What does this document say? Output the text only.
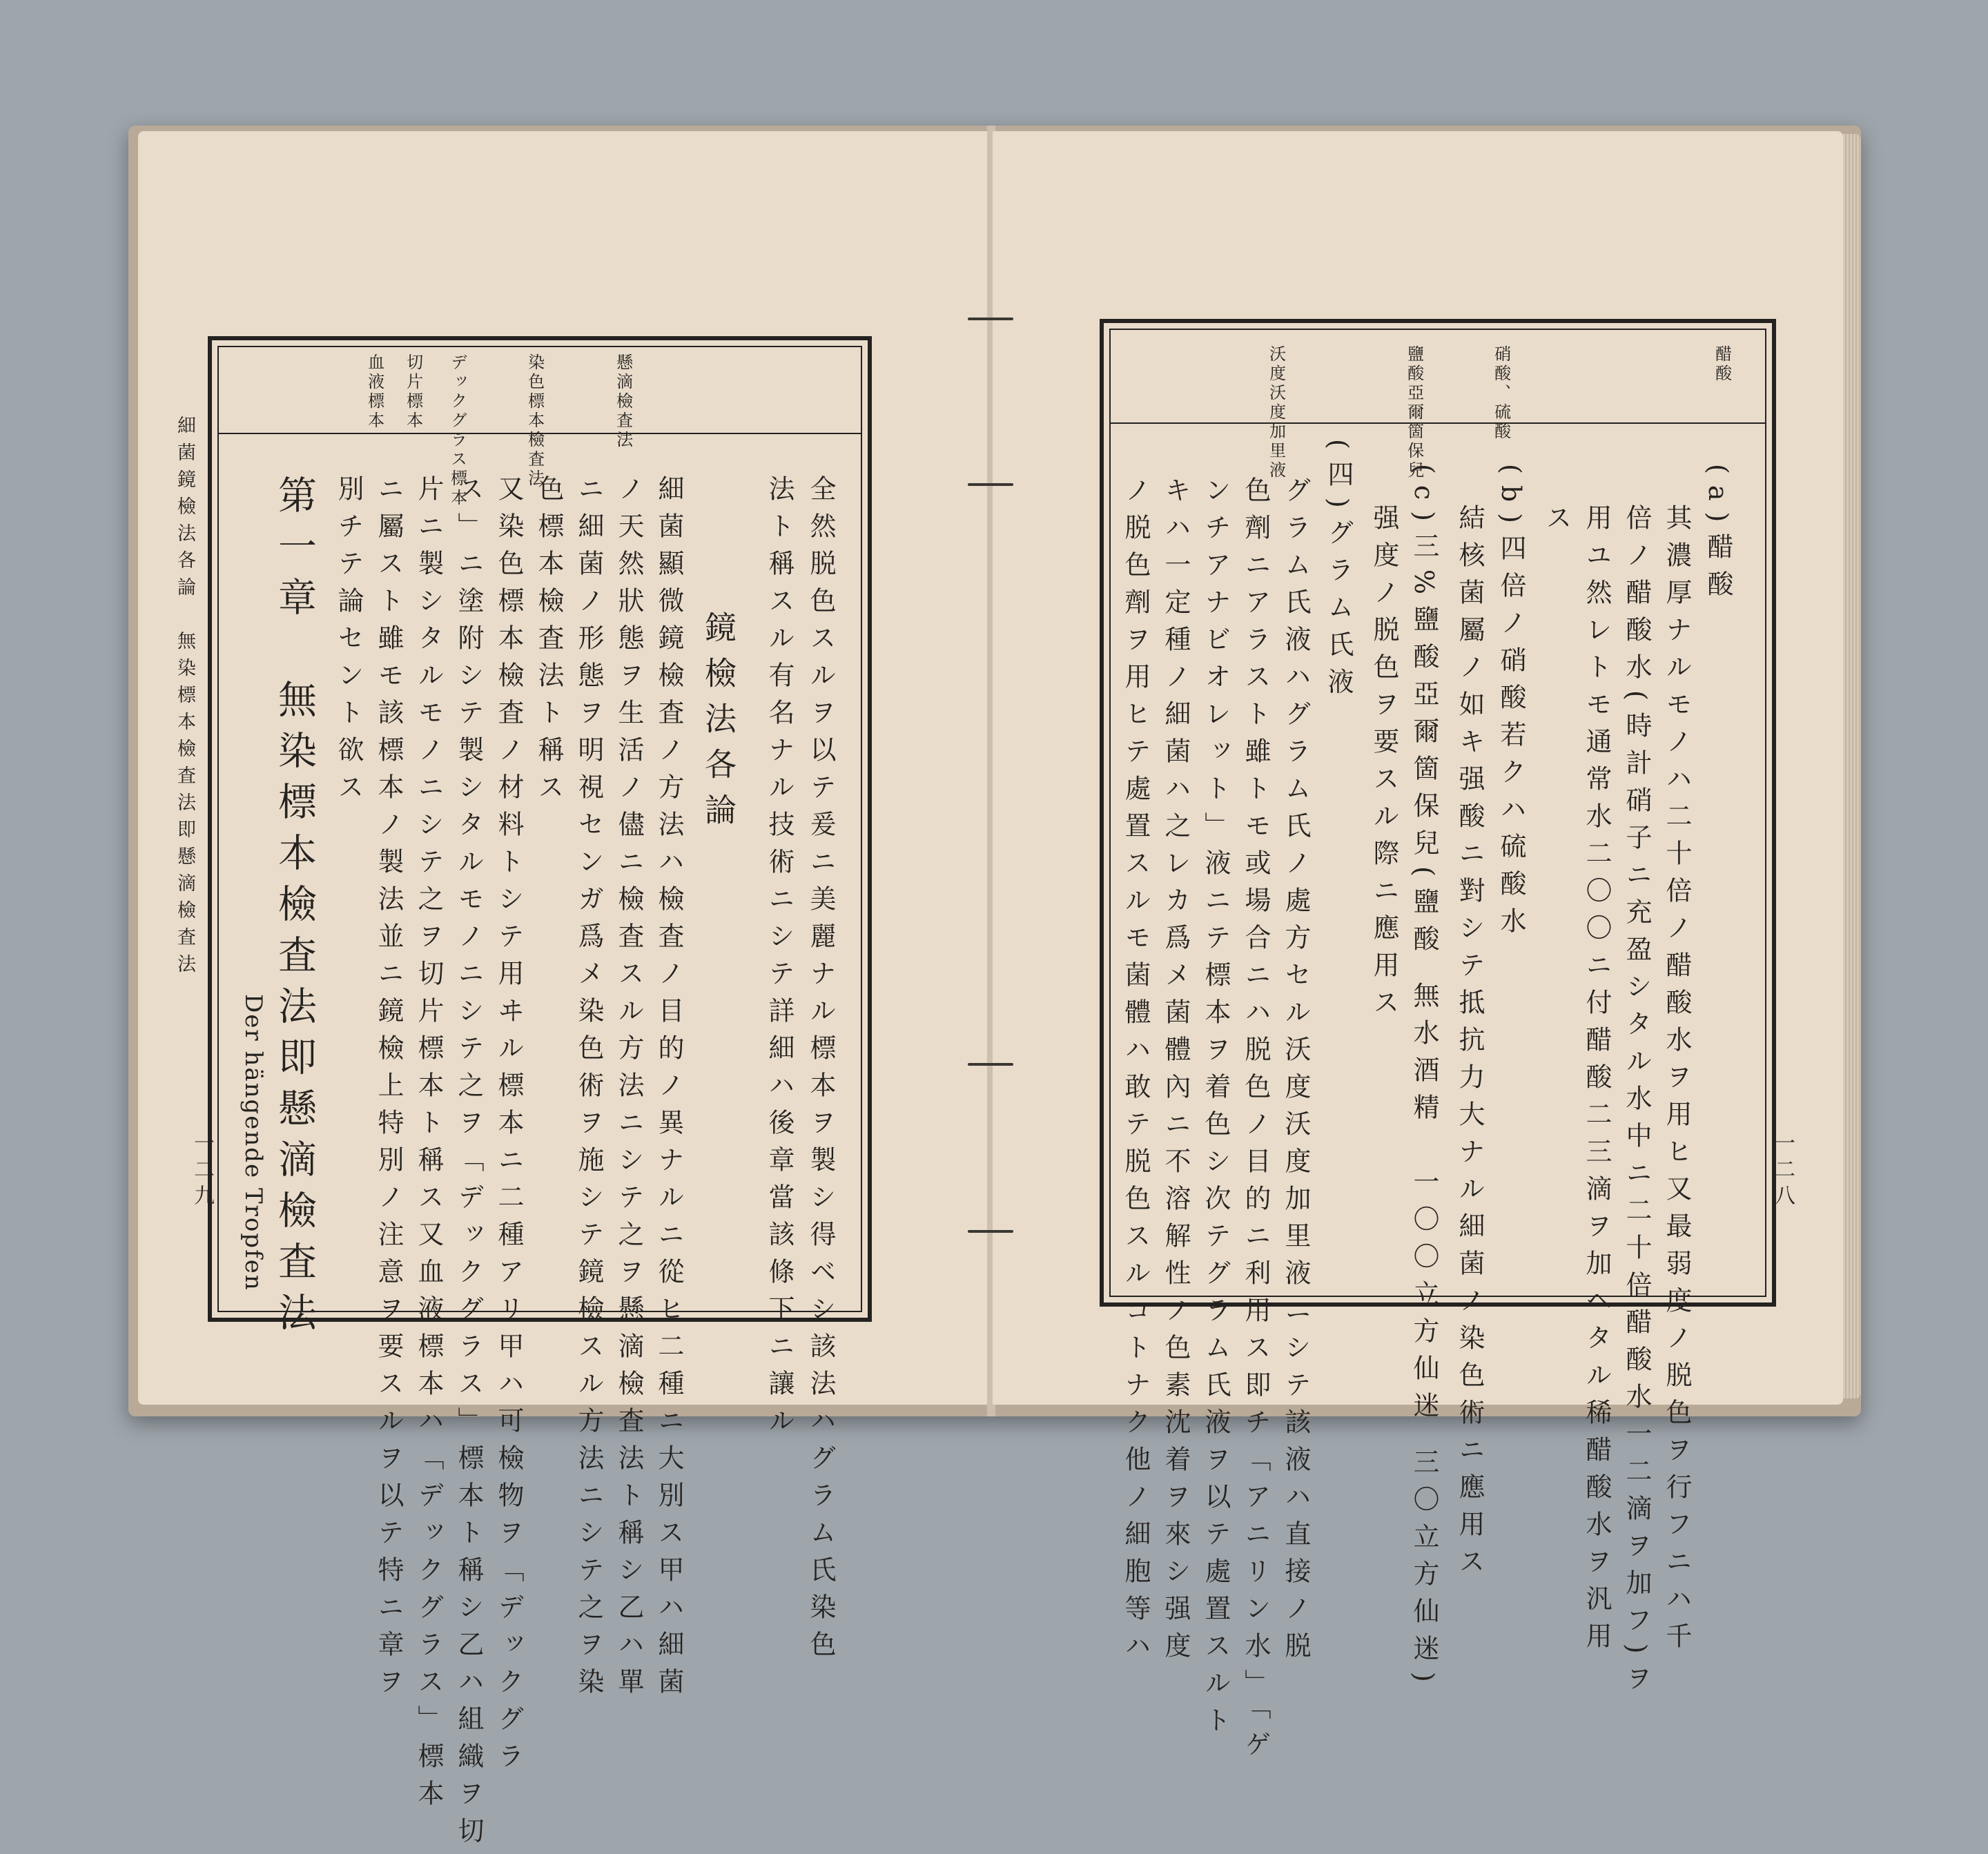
細菌鏡檢法各論　無染標本檢査法即懸滴檢査法
一二九
懸滴檢査法
染色標本檢査法
デックグラス標本
切片標本
血液標本
全然脱色スルヲ以テ爰ニ美麗ナル標本ヲ製シ得ベシ該法ハグラム氏染色
法ト稱スル有名ナル技術ニシテ詳細ハ後章當該條下ニ讓ル
鏡檢法各論
細菌顯微鏡檢査ノ方法ハ檢査ノ目的ノ異ナルニ從ヒ二種ニ大別ス甲ハ細菌
ノ天然狀態ヲ生活ノ儘ニ檢査スル方法ニシテ之ヲ懸滴檢査法ト稱シ乙ハ單
ニ細菌ノ形態ヲ明視センガ爲メ染色術ヲ施シテ鏡檢スル方法ニシテ之ヲ染
色標本檢査法ト稱ス
又染色標本檢査ノ材料トシテ用ヰル標本ニ二種アリ甲ハ可檢物ヲ「デックグラ
ス」ニ塗附シテ製シタルモノニシテ之ヲ「デックグラス」標本ト稱シ乙ハ組織ヲ切
片ニ製シタルモノニシテ之ヲ切片標本ト稱ス又血液標本ハ「デックグラス」標本
ニ屬スト雖モ該標本ノ製法並ニ鏡檢上特別ノ注意ヲ要スルヲ以テ特ニ章ヲ
別チテ論セント欲ス
第一章　無染標本檢査法即懸滴檢査法
Der hängende Tropfen	一二八
醋酸
硝酸、硫酸
鹽酸亞爾箇保兒
沃度沃度加里液
(a)醋酸
其濃厚ナルモノハ二十倍ノ醋酸水ヲ用ヒ又最弱度ノ脱色ヲ行フニハ千
倍ノ醋酸水(時計硝子ニ充盈シタル水中ニ二十倍醋酸水一二滴ヲ加フ)ヲ
用ユ然レトモ通常水二〇〇ニ付醋酸二三滴ヲ加ヘタル稀醋酸水ヲ汎用
ス
(b)四倍ノ硝酸若クハ硫酸水
結核菌屬ノ如キ强酸ニ對シテ抵抗力大ナル細菌ノ染色術ニ應用ス
(c)三%鹽酸亞爾箇保兒(鹽酸 無水酒精　一〇〇立方仙迷 三〇立方仙迷)
强度ノ脱色ヲ要スル際ニ應用ス
(四)グラム氏液
グラム氏液ハグラム氏ノ處方セル沃度沃度加里液ニシテ該液ハ直接ノ脱
色劑ニアラスト雖トモ或場合ニハ脱色ノ目的ニ利用ス即チ「アニリン水」「ゲ
ンチアナビオレット」液ニテ標本ヲ着色シ次テグラム氏液ヲ以テ處置スルト
キハ一定種ノ細菌ハ之レカ爲メ菌體內ニ不溶解性ノ色素沈着ヲ來シ强度
ノ脱色劑ヲ用ヒテ處置スルモ菌體ハ敢テ脱色スルコトナク他ノ細胞等ハ
